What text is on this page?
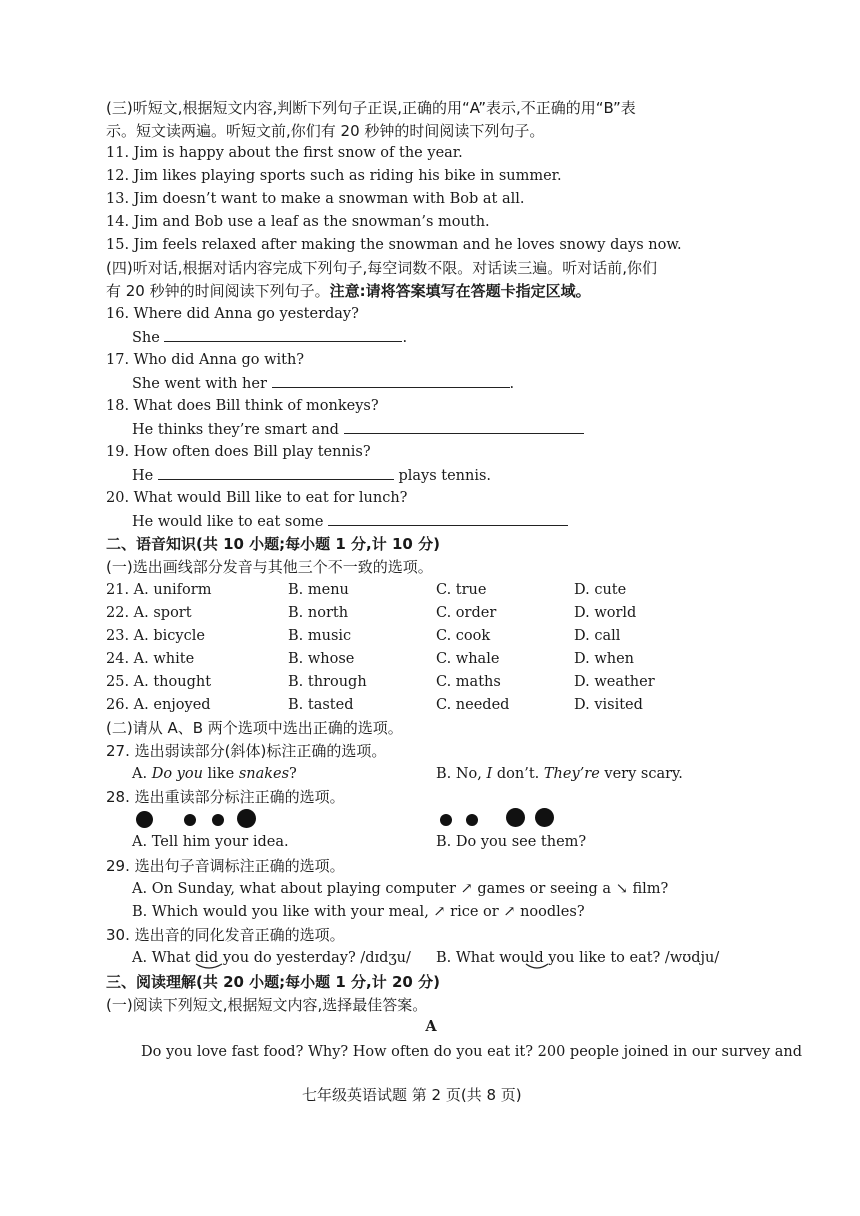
(三)听短文,根据短文内容,判断下列句子正误,正确的用“A”表示,不正确的用“B”表
示。短文读两遍。听短文前,你们有 20 秒钟的时间阅读下列句子。
11. Jim is happy about the first snow of the year.
12. Jim likes playing sports such as riding his bike in summer.
13. Jim doesn’t want to make a snowman with Bob at all.
14. Jim and Bob use a leaf as the snowman’s mouth.
15. Jim feels relaxed after making the snowman and he loves snowy days now.
(四)听对话,根据对话内容完成下列句子,每空词数不限。对话读三遍。听对话前,你们
有 20 秒钟的时间阅读下列句子。注意:请将答案填写在答题卡指定区域。
16. Where did Anna go yesterday?
She	.
17. Who did Anna go with?
She went with her	.
18. What does Bill think of monkeys?
He thinks they’re smart and
19. How often does Bill play tennis?
He	plays tennis.
20. What would Bill like to eat for lunch?
He would like to eat some
二、语音知识(共 10 小题;每小题 1 分,计 10 分)
(一)选出画线部分发音与其他三个不一致的选项。
21. A. uniform	B. menu	C. true	D. cute
22. A. sport	B. north	C. order	D. world
23. A. bicycle	B. music	C. cook	D. call
24. A. white	B. whose	C. whale	D. when
25. A. thought	B. through	C. maths	D. weather
26. A. enjoyed	B. tasted	C. needed	D. visited
(二)请从 A、B 两个选项中选出正确的选项。
27. 选出弱读部分(斜体)标注正确的选项。
A. Do you like snakes?	B. No, I don’t. They’re very scary.
28. 选出重读部分标注正确的选项。
A. Tell him your idea.	B. Do you see them?
29. 选出句子音调标注正确的选项。
A. On Sunday, what about playing computer ↗ games or seeing a ↘ film?
B. Which would you like with your meal, ↗ rice or ↗ noodles?
30. 选出音的同化发音正确的选项。
A. What did you do yesterday? /dɪdʒu/ B. What would you like to eat? /wʊdju/
三、阅读理解(共 20 小题;每小题 1 分,计 20 分)
(一)阅读下列短文,根据短文内容,选择最佳答案。
A
Do you love fast food? Why? How often do you eat it? 200 people joined in our survey and
七年级英语试题 第 2 页(共 8 页)
